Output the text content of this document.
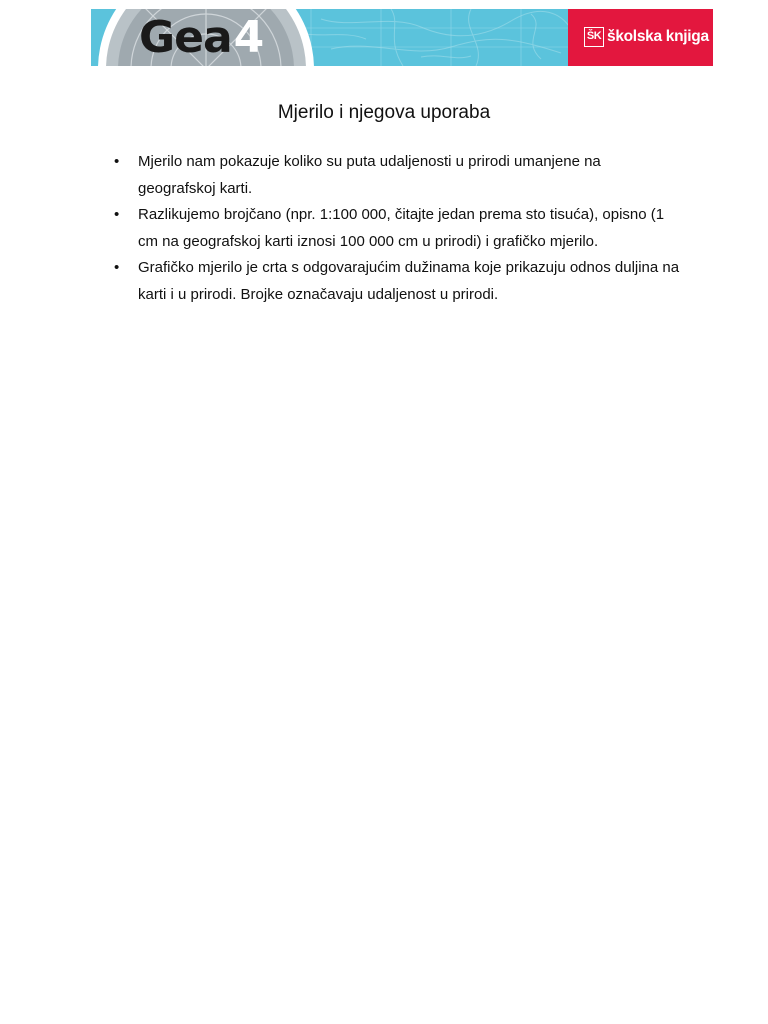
Gea4	ŠK školska knjiga
Mjerilo i njegova uporaba
• Mjerilo nam pokazuje koliko su puta udaljenosti u prirodi umanjene na geografskoj karti.
• Razlikujemo brojčano (npr. 1:100 000, čitajte jedan prema sto tisuća), opisno (1 cm na geografskoj karti iznosi 100 000 cm u prirodi) i grafičko mjerilo.
• Grafičko mjerilo je crta s odgovarajućim dužinama koje prikazuju odnos duljina na karti i u prirodi. Brojke označavaju udaljenost u prirodi.
